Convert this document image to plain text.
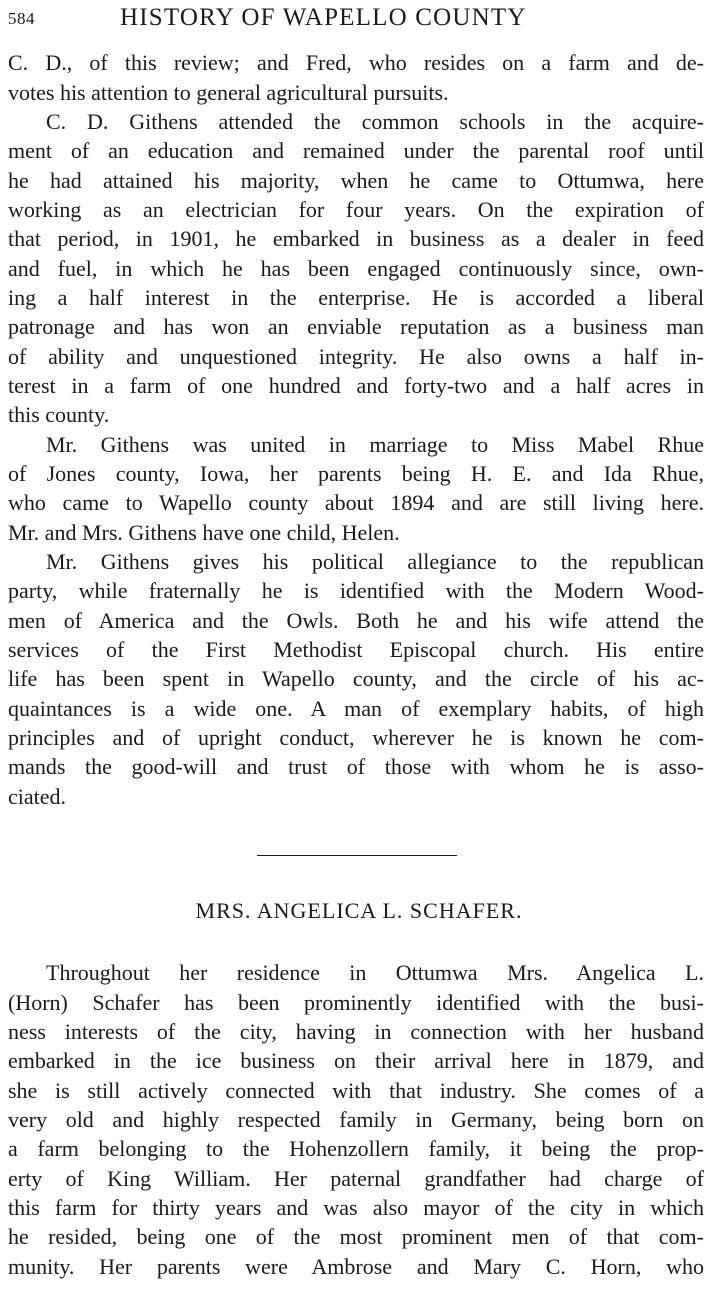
584	HISTORY OF WAPELLO COUNTY
C. D., of this review; and Fred, who resides on a farm and de-
votes his attention to general agricultural pursuits.
C. D. Githens attended the common schools in the acquire-
ment of an education and remained under the parental roof until
he had attained his majority, when he came to Ottumwa, here
working as an electrician for four years. On the expiration of
that period, in 1901, he embarked in business as a dealer in feed
and fuel, in which he has been engaged continuously since, own-
ing a half interest in the enterprise. He is accorded a liberal
patronage and has won an enviable reputation as a business man
of ability and unquestioned integrity. He also owns a half in-
terest in a farm of one hundred and forty-two and a half acres in
this county.
Mr. Githens was united in marriage to Miss Mabel Rhue
of Jones county, Iowa, her parents being H. E. and Ida Rhue,
who came to Wapello county about 1894 and are still living here.
Mr. and Mrs. Githens have one child, Helen.
Mr. Githens gives his political allegiance to the republican
party, while fraternally he is identified with the Modern Wood-
men of America and the Owls. Both he and his wife attend the
services of the First Methodist Episcopal church. His entire
life has been spent in Wapello county, and the circle of his ac-
quaintances is a wide one. A man of exemplary habits, of high
principles and of upright conduct, wherever he is known he com-
mands the good-will and trust of those with whom he is asso-
ciated.
MRS. ANGELICA L. SCHAFER.
Throughout her residence in Ottumwa Mrs. Angelica L.
(Horn) Schafer has been prominently identified with the busi-
ness interests of the city, having in connection with her husband
embarked in the ice business on their arrival here in 1879, and
she is still actively connected with that industry. She comes of a
very old and highly respected family in Germany, being born on
a farm belonging to the Hohenzollern family, it being the prop-
erty of King William. Her paternal grandfather had charge of
this farm for thirty years and was also mayor of the city in which
he resided, being one of the most prominent men of that com-
munity. Her parents were Ambrose and Mary C. Horn, who
